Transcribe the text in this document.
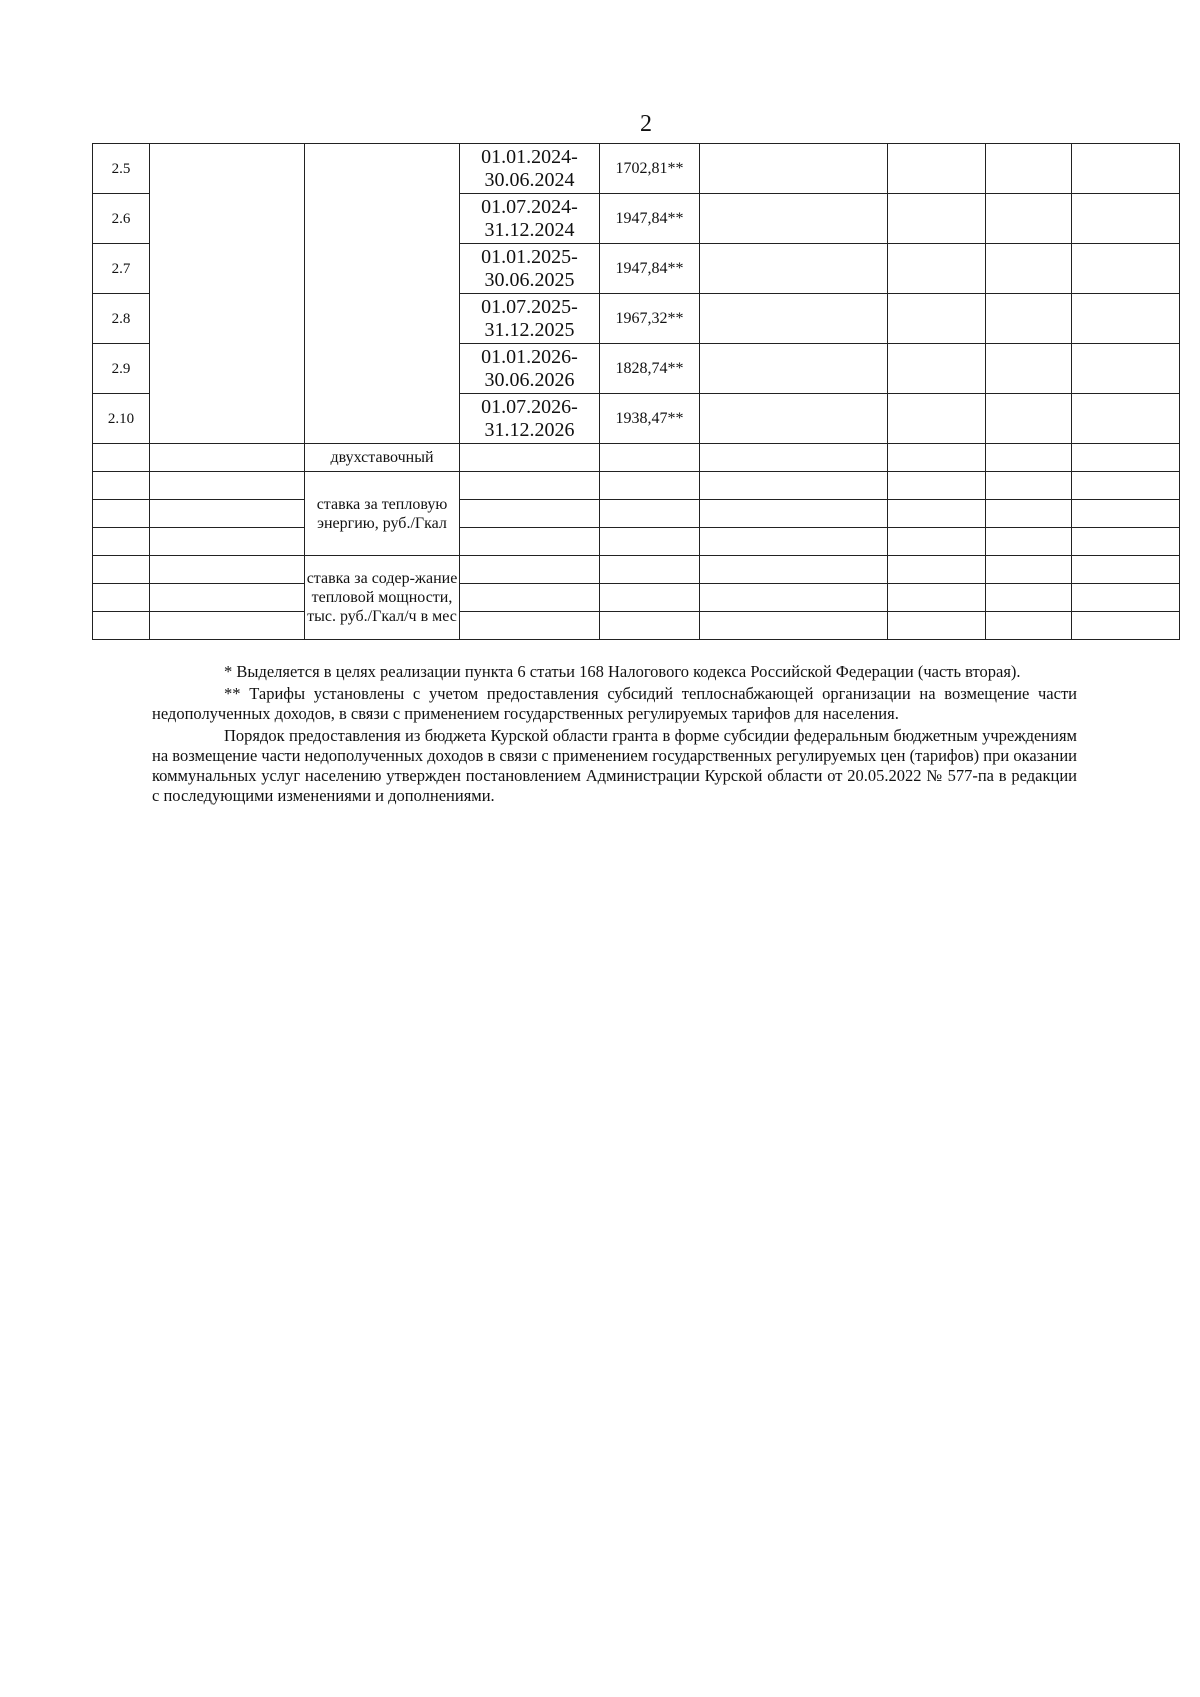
2
2.5			01.01.2024-
30.06.2024	1702,81**				
2.6			01.07.2024-
31.12.2024	1947,84**				
2.7			01.01.2025-
30.06.2025	1947,84**				
2.8			01.07.2025-
31.12.2025	1967,32**				
2.9			01.01.2026-
30.06.2026	1828,74**				
2.10			01.07.2026-
31.12.2026	1938,47**				
		двухставочный						
		ставка за тепловую энергию, руб./Гкал						

		ставка за содер-жание тепловой мощности, тыс. руб./Гкал/ч в мес						

* Выделяется в целях реализации пункта 6 статьи 168 Налогового кодекса Российской Федерации (часть вторая).

** Тарифы установлены с учетом предоставления субсидий теплоснабжающей организации на возмещение части недополученных доходов, в связи с применением государственных регулируемых тарифов для населения.

Порядок предоставления из бюджета Курской области гранта в форме субсидии федеральным бюджетным учреждениям на возмещение части недополученных доходов в связи с применением государственных регулируемых цен (тарифов) при оказании коммунальных услуг населению утвержден постановлением Администрации Курской области от 20.05.2022 № 577-па в редакции с последующими изменениями и дополнениями.
